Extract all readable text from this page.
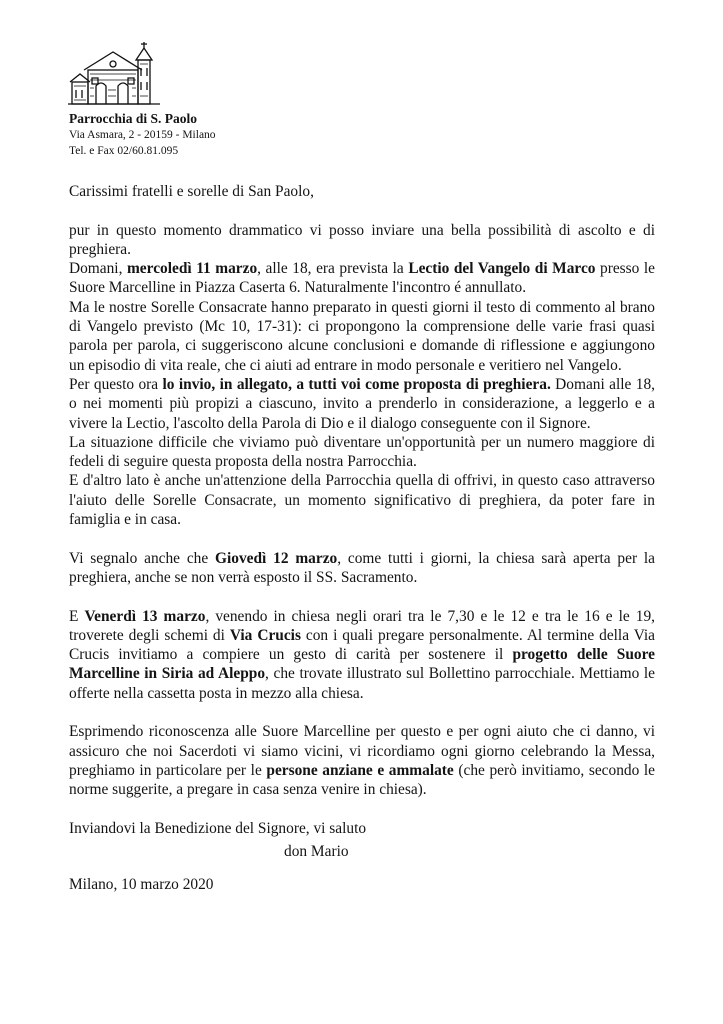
Parrocchia di S. Paolo
Via Asmara, 2 - 20159 - Milano
Tel. e Fax 02/60.81.095

Carissimi fratelli e sorelle di San Paolo,

pur in questo momento drammatico vi posso inviare una bella possibilità di ascolto e di preghiera.

Domani, mercoledì 11 marzo, alle 18, era prevista la Lectio del Vangelo di Marco presso le Suore Marcelline in Piazza Caserta 6. Naturalmente l'incontro é annullato.

Ma le nostre Sorelle Consacrate hanno preparato in questi giorni il testo di commento al brano di Vangelo previsto (Mc 10, 17-31): ci propongono la comprensione delle varie frasi quasi parola per parola, ci suggeriscono alcune conclusioni e domande di riflessione e aggiungono un episodio di vita reale, che ci aiuti ad entrare in modo personale e veritiero nel Vangelo.

Per questo ora lo invio, in allegato, a tutti voi come proposta di preghiera. Domani alle 18, o nei momenti più propizi a ciascuno, invito a prenderlo in considerazione, a leggerlo e a vivere la Lectio, l'ascolto della Parola di Dio e il dialogo conseguente con il Signore.

La situazione difficile che viviamo può diventare un'opportunità per un numero maggiore di fedeli di seguire questa proposta della nostra Parrocchia.

E d'altro lato è anche un'attenzione della Parrocchia quella di offrivi, in questo caso attraverso l'aiuto delle Sorelle Consacrate, un momento significativo di preghiera, da poter fare in famiglia e in casa.

Vi segnalo anche che Giovedì 12 marzo, come tutti i giorni, la chiesa sarà aperta per la preghiera, anche se non verrà esposto il SS. Sacramento.

E Venerdì 13 marzo, venendo in chiesa negli orari tra le 7,30 e le 12 e tra le 16 e le 19, troverete degli schemi di Via Crucis con i quali pregare personalmente. Al termine della Via Crucis invitiamo a compiere un gesto di carità per sostenere il progetto delle Suore Marcelline in Siria ad Aleppo, che trovate illustrato sul Bollettino parrocchiale. Mettiamo le offerte nella cassetta posta in mezzo alla chiesa.

Esprimendo riconoscenza alle Suore Marcelline per questo e per ogni aiuto che ci danno, vi assicuro che noi Sacerdoti vi siamo vicini, vi ricordiamo ogni giorno celebrando la Messa, preghiamo in particolare per le persone anziane e ammalate (che però invitiamo, secondo le norme suggerite, a pregare in casa senza venire in chiesa).

Inviandovi la Benedizione del Signore, vi saluto

don Mario
Milano, 10 marzo 2020
